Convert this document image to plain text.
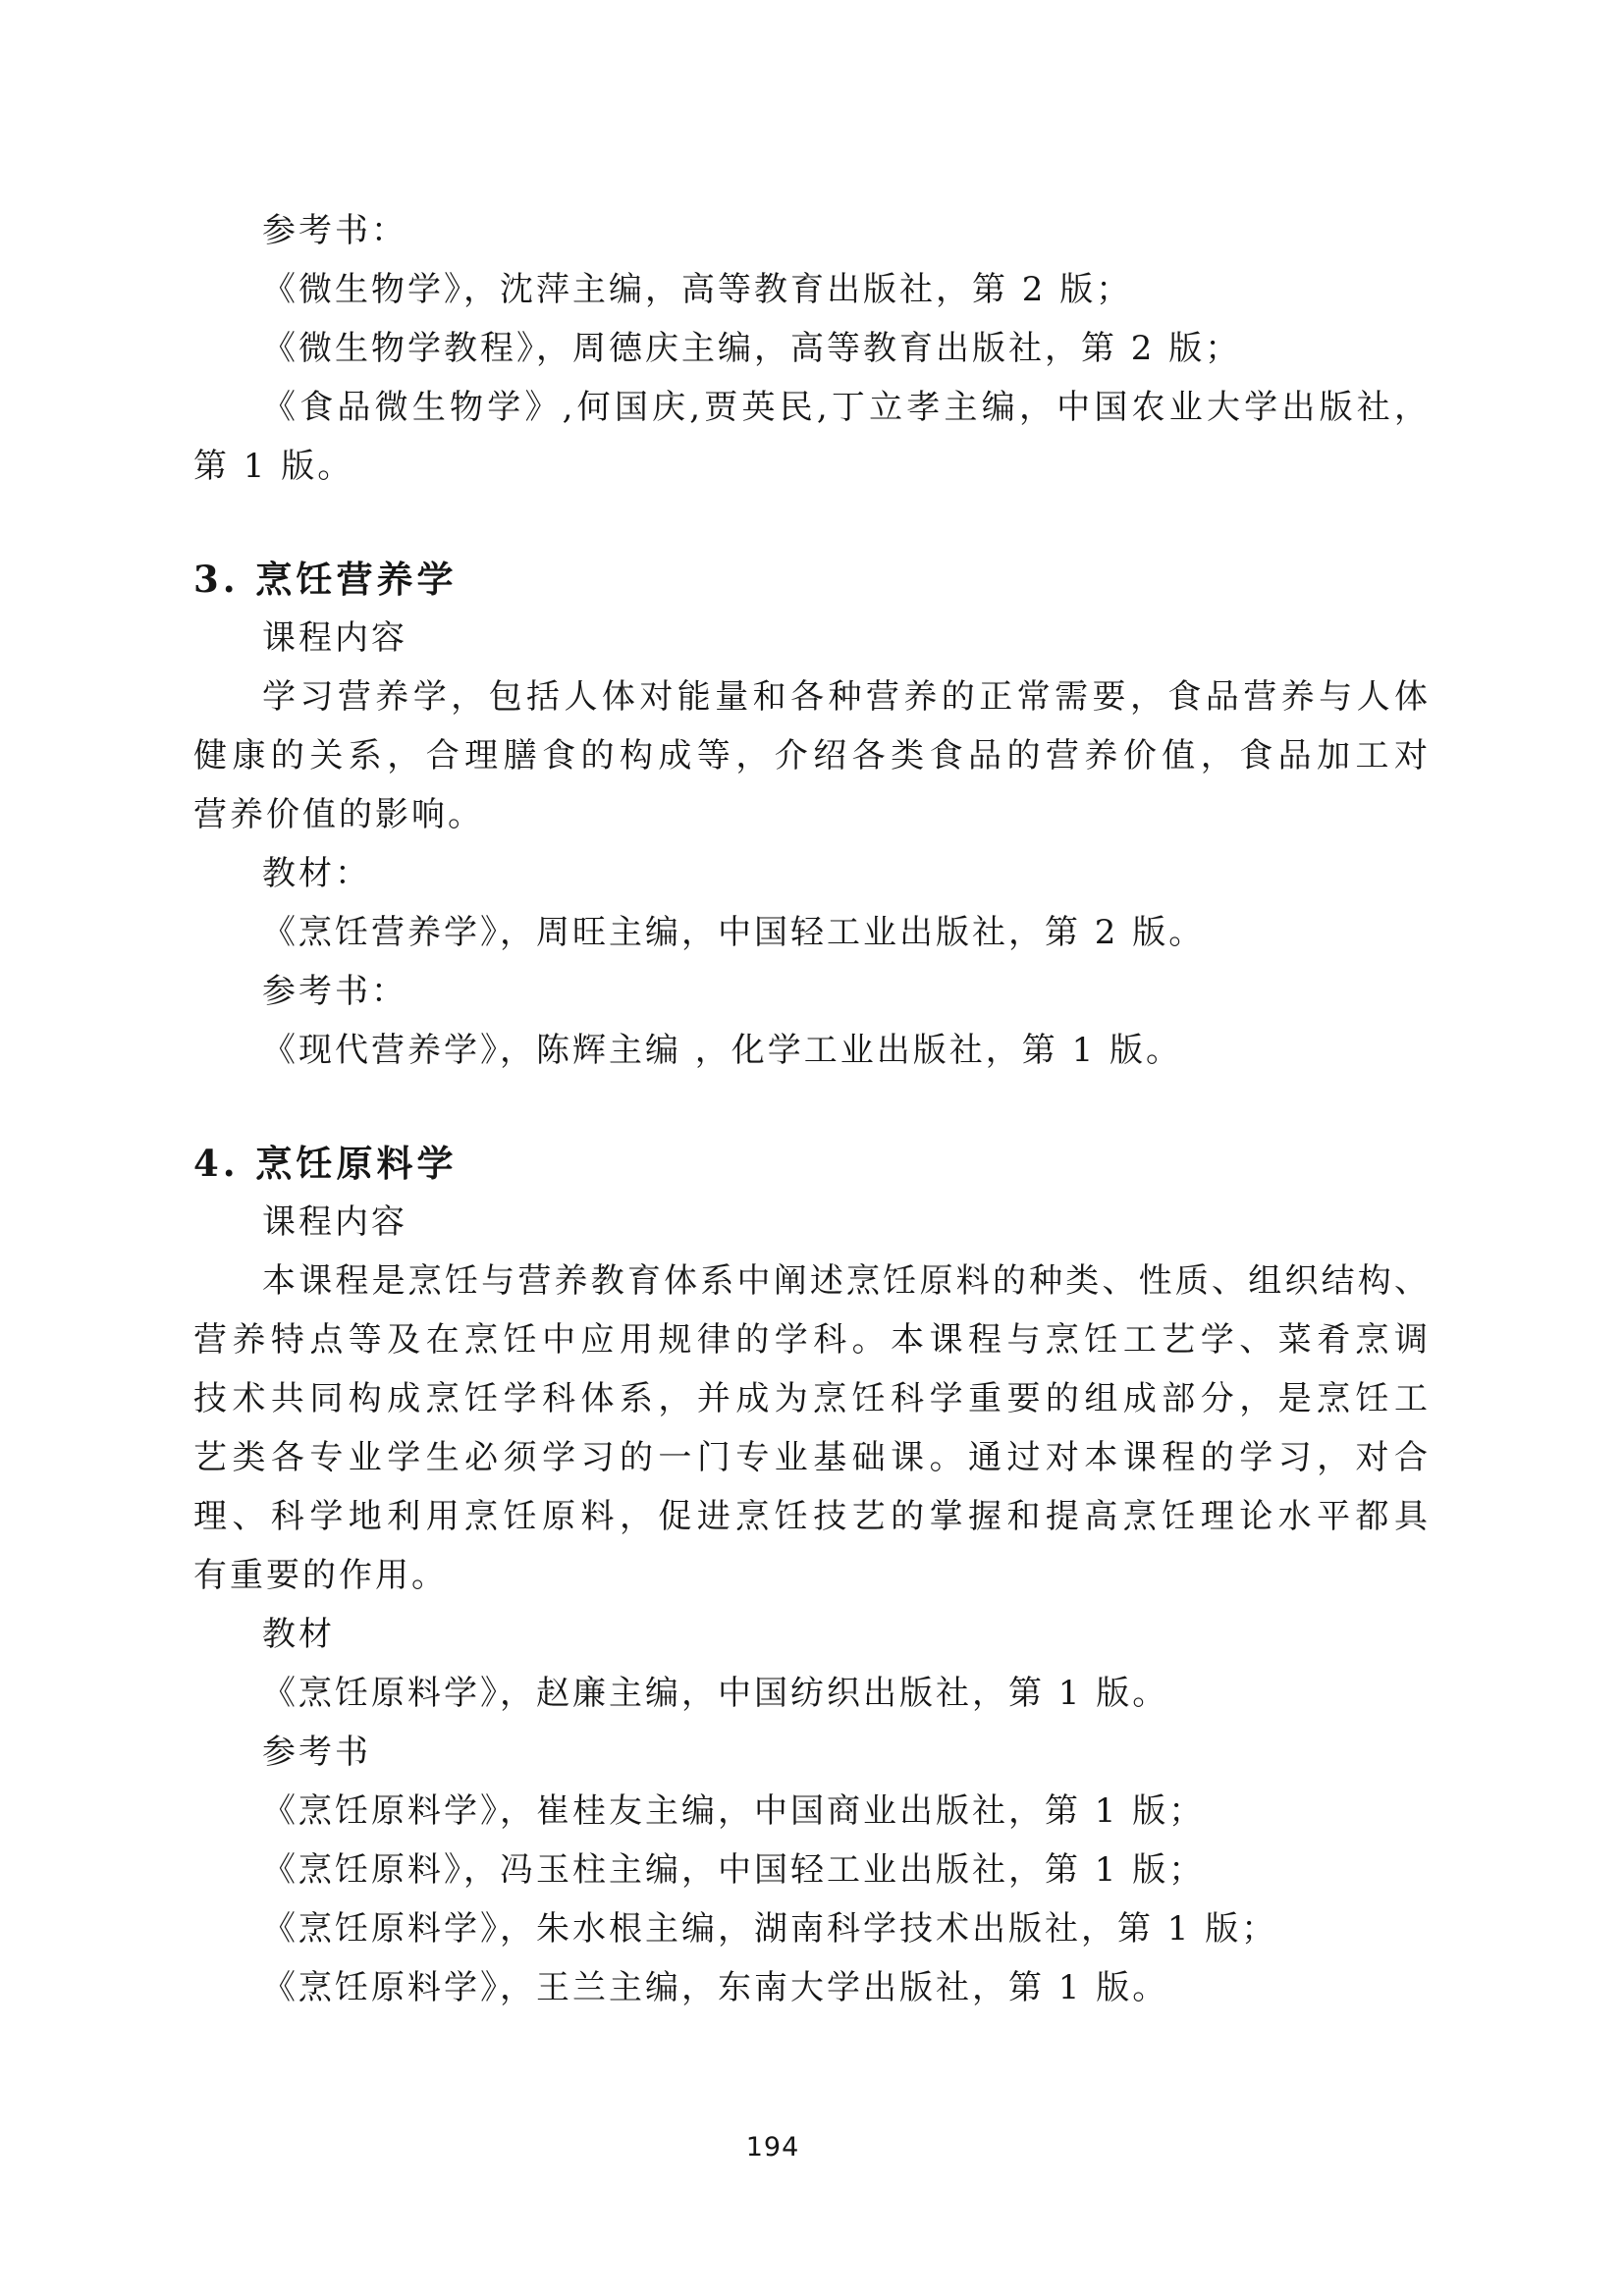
参考书：
《微生物学》，沈萍主编，高等教育出版社，第 2 版；
《微生物学教程》，周德庆主编，高等教育出版社，第 2 版；
《食品微生物学》,何国庆,贾英民,丁立孝主编，中国农业大学出版社，
第 1 版。
3. 烹饪营养学
课程内容
学习营养学，包括人体对能量和各种营养的正常需要，食品营养与人体
健康的关系，合理膳食的构成等，介绍各类食品的营养价值，食品加工对
营养价值的影响。
教材：
《烹饪营养学》，周旺主编，中国轻工业出版社，第 2 版。
参考书：
《现代营养学》，陈辉主编 ，化学工业出版社，第 1 版。
4. 烹饪原料学
课程内容
本课程是烹饪与营养教育体系中阐述烹饪原料的种类、性质、组织结构、
营养特点等及在烹饪中应用规律的学科。本课程与烹饪工艺学、菜肴烹调
技术共同构成烹饪学科体系，并成为烹饪科学重要的组成部分，是烹饪工
艺类各专业学生必须学习的一门专业基础课。通过对本课程的学习，对合
理、科学地利用烹饪原料，促进烹饪技艺的掌握和提高烹饪理论水平都具
有重要的作用。
教材
《烹饪原料学》，赵廉主编，中国纺织出版社，第 1 版。
参考书
《烹饪原料学》，崔桂友主编，中国商业出版社，第 1 版；
《烹饪原料》，冯玉柱主编，中国轻工业出版社，第 1 版；
《烹饪原料学》，朱水根主编，湖南科学技术出版社，第 1 版；
《烹饪原料学》，王兰主编，东南大学出版社，第 1 版。
194
